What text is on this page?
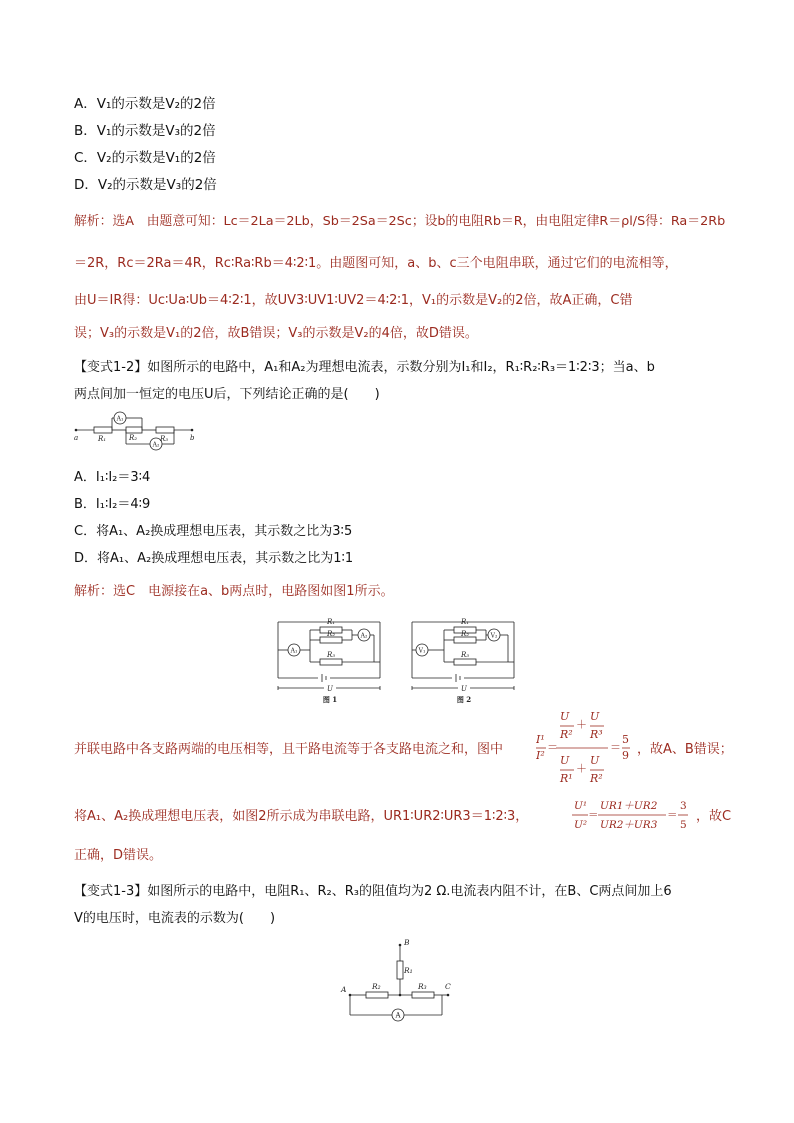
A．V₁的示数是V₂的2倍
B．V₁的示数是V₃的2倍
C．V₂的示数是V₁的2倍
D．V₂的示数是V₃的2倍
解析：选A　由题意可知：Lc＝2La＝2Lb，Sb＝2Sa＝2Sc；设b的电阻Rb＝R，由电阻定律R＝ρl/S得：Ra＝2Rb
＝2R，Rc＝2Ra＝4R，Rc∶Ra∶Rb＝4∶2∶1。由题图可知，a、b、c三个电阻串联，通过它们的电流相等，
由U＝IR得：Uc∶Ua∶Ub＝4∶2∶1，故UV3∶UV1∶UV2＝4∶2∶1，V₁的示数是V₂的2倍，故A正确，C错
误；V₃的示数是V₁的2倍，故B错误；V₃的示数是V₂的4倍，故D错误。
【变式1-2】如图所示的电路中，A₁和A₂为理想电流表，示数分别为I₁和I₂，R₁∶R₂∶R₃＝1∶2∶3；当a、b
两点间加一恒定的电压U后，下列结论正确的是(　　)
a	b
R₁	R₂	R₃
A₁
A₂
A．I₁∶I₂＝3∶4
B．I₁∶I₂＝4∶9
C．将A₁、A₂换成理想电压表，其示数之比为3∶5
D．将A₁、A₂换成理想电压表，其示数之比为1∶1
解析：选C　电源接在a、b两点时，电路图如图1所示。
R₁
R₂
R₃
U
A₁
A₂
图 1
R₁
R₂
R₃
U
V₁
V₂
图 2
并联电路中各支路两端的电压相等，且干路电流等于各支路电流之和，图中
I¹
I²
U
R²
U
R³
U
R¹
U
R²
5
9
＝
＋
＋
＝ ，故A、B错误；
将A₁、A₂换成理想电压表，如图2所示成为串联电路，UR1∶UR2∶UR3＝1∶2∶3，
U¹
U²
UR1＋UR2
UR2＋UR3
3
5
＝	＝ ，故C
正确，D错误。
【变式1-3】如图所示的电路中，电阻R₁、R₂、R₃的阻值均为2 Ω.电流表内阻不计，在B、C两点间加上6
V的电压时，电流表的示数为(　　)
B
A	C
R₁
R₂	R₃
A
